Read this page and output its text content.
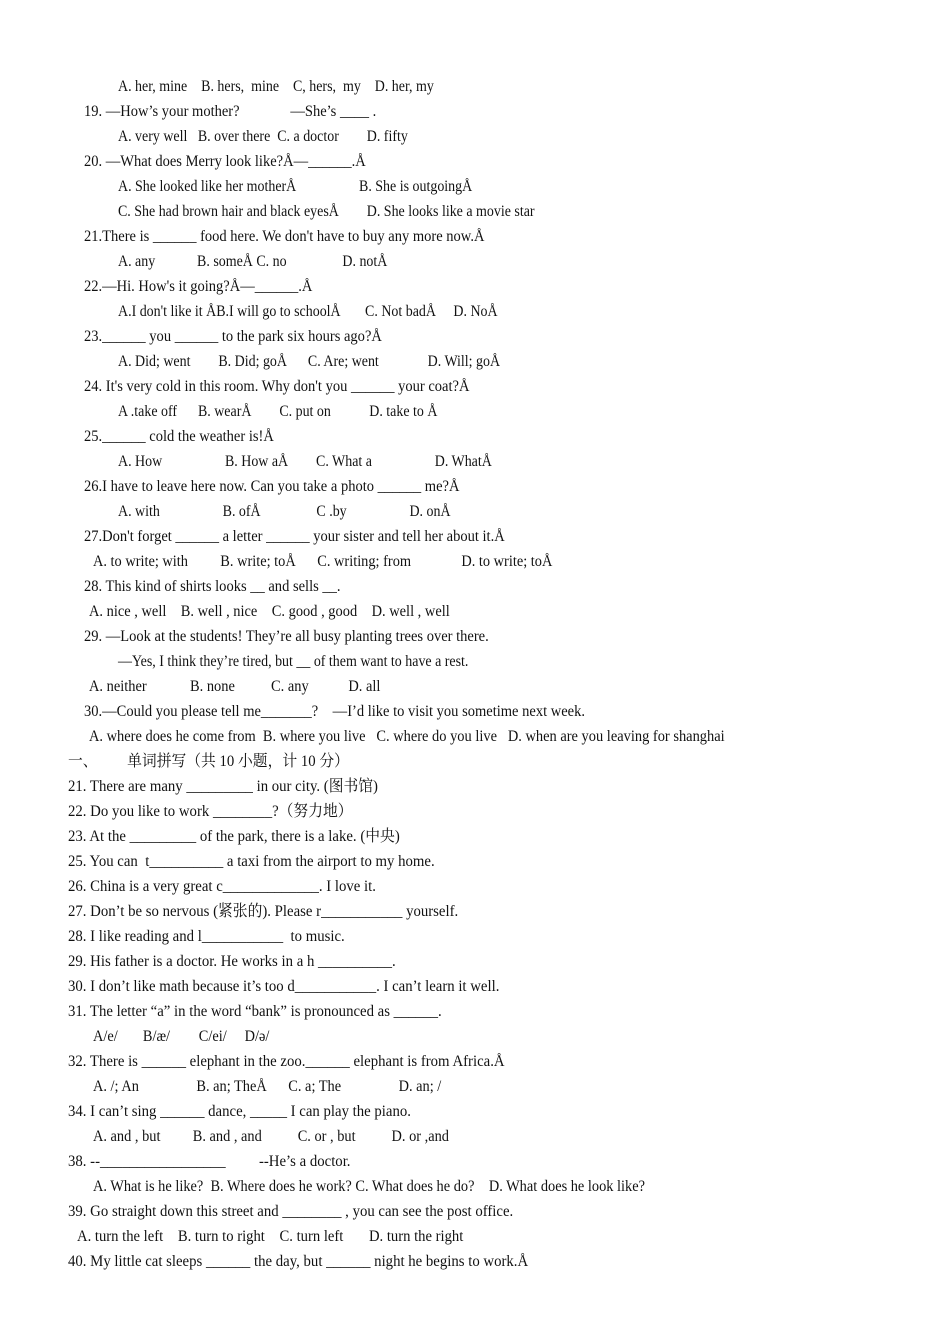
A. her, mine    B. hers,  mine    C, hers,  my    D. her, my
19. —How’s your mother?              —She’s ____ .
A. very well   B. over there  C. a doctor        D. fifty
20. —What does Merry look like?Å—______.Å
A. She looked like her motherÅ                  B. She is outgoingÅ
C. She had brown hair and black eyesÅ        D. She looks like a movie star
21.There is ______ food here. We don't have to buy any more now.Å
A. any            B. someÅ C. no                D. notÅ
22.—Hi. How's it going?Å—______.Å
A.I don't like it ÅB.I will go to schoolÅ       C. Not badÅ     D. NoÅ
23.______ you ______ to the park six hours ago?Å
A. Did; went        B. Did; goÅ      C. Are; went              D. Will; goÅ
24. It's very cold in this room. Why don't you ______ your coat?Å
A .take off      B. wearÅ        C. put on           D. take to Å
25.______ cold the weather is!Å
A. How                  B. How aÅ        C. What a                  D. WhatÅ
26.I have to leave here now. Can you take a photo ______ me?Å
A. with                  B. ofÅ                C .by                  D. onÅ
27.Don't forget ______ a letter ______ your sister and tell her about it.Å
A. to write; with         B. write; toÅ      C. writing; from              D. to write; toÅ
28. This kind of shirts looks __ and sells __.
A. nice , well    B. well , nice    C. good , good    D. well , well
29. —Look at the students! They’re all busy planting trees over there.
—Yes, I think they’re tired, but __ of them want to have a rest.
A. neither            B. none          C. any           D. all
30.—Could you please tell me_______?    —I’d like to visit you sometime next week.
A. where does he come from  B. where you live   C. where do you live   D. when are you leaving for shanghai
一、        单词拼写（共 10 小题，计 10 分）
21. There are many _________ in our city. (图书馆)
22. Do you like to work ________?（努力地）
23. At the _________ of the park, there is a lake. (中央)
25. You can  t__________ a taxi from the airport to my home.
26. China is a very great c_____________. I love it.
27. Don’t be so nervous (紧张的). Please r___________ yourself.
28. I like reading and l___________  to music.
29. His father is a doctor. He works in a h __________.
30. I don’t like math because it’s too d___________. I can’t learn it well.
31. The letter “a” in the word “bank” is pronounced as ______.
A/e/       B/æ/        C/ei/     D/ə/
32. There is ______ elephant in the zoo.______ elephant is from Africa.Å
A. /; An                B. an; TheÅ      C. a; The                D. an; /
34. I can’t sing ______ dance, _____ I can play the piano.
A. and , but         B. and , and          C. or , but          D. or ,and
38. --_________________         --He’s a doctor.
A. What is he like?  B. Where does he work? C. What does he do?    D. What does he look like?
39. Go straight down this street and ________ , you can see the post office.
A. turn the left    B. turn to right    C. turn left       D. turn the right
40. My little cat sleeps ______ the day, but ______ night he begins to work.Å
